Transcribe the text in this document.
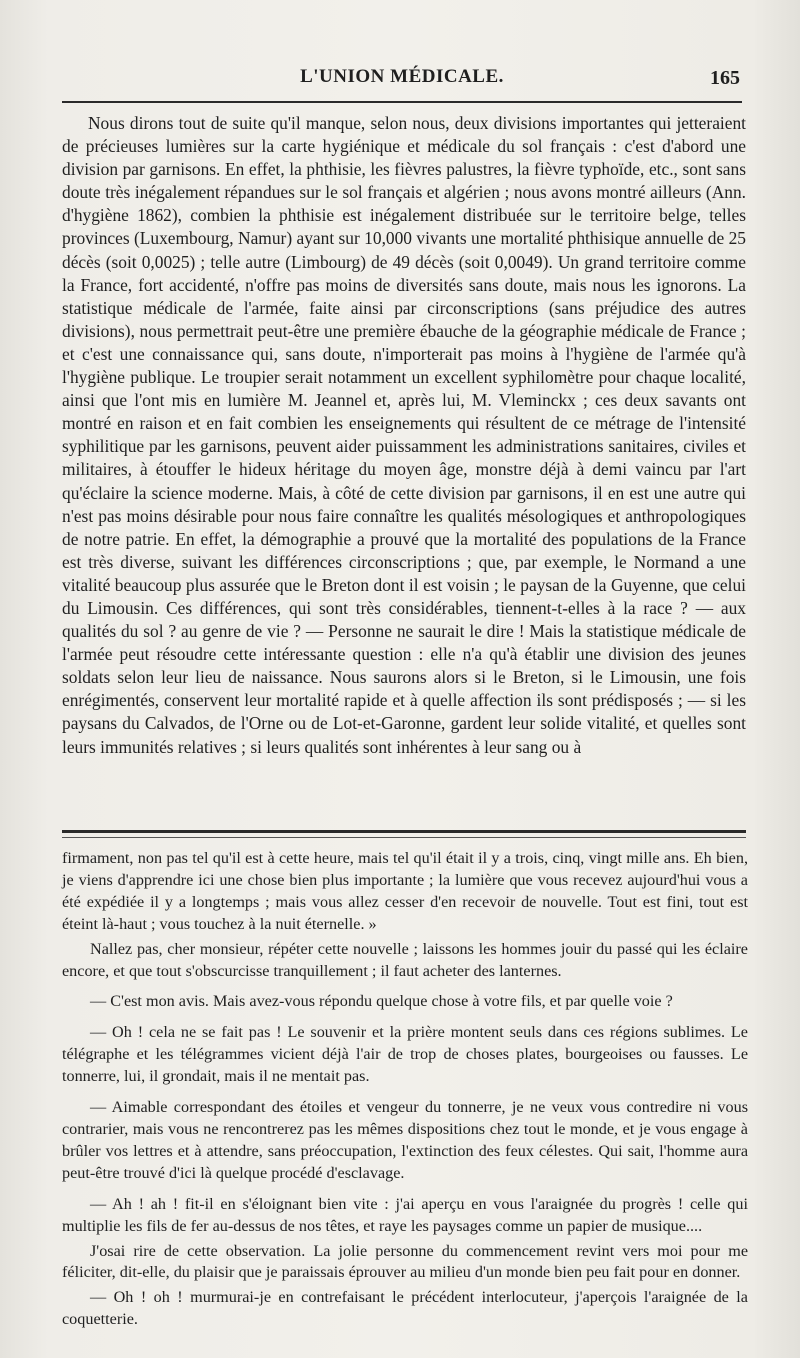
L'UNION MÉDICALE.	165

Nous dirons tout de suite qu'il manque, selon nous, deux divisions importantes qui jetteraient de précieuses lumières sur la carte hygiénique et médicale du sol français : c'est d'abord une division par garnisons. En effet, la phthisie, les fièvres palustres, la fièvre typhoïde, etc., sont sans doute très inégalement répandues sur le sol français et algérien ; nous avons montré ailleurs (Ann. d'hygiène 1862), combien la phthisie est inégalement distribuée sur le territoire belge, telles provinces (Luxembourg, Namur) ayant sur 10,000 vivants une mortalité phthisique annuelle de 25 décès (soit 0,0025) ; telle autre (Limbourg) de 49 décès (soit 0,0049). Un grand territoire comme la France, fort accidenté, n'offre pas moins de diversités sans doute, mais nous les ignorons. La statistique médicale de l'armée, faite ainsi par circonscriptions (sans préjudice des autres divisions), nous permettrait peut-être une première ébauche de la géographie médicale de France ; et c'est une connaissance qui, sans doute, n'importerait pas moins à l'hygiène de l'armée qu'à l'hygiène publique. Le troupier serait notamment un excellent syphilomètre pour chaque localité, ainsi que l'ont mis en lumière M. Jeannel et, après lui, M. Vleminckx ; ces deux savants ont montré en raison et en fait combien les enseignements qui résultent de ce métrage de l'intensité syphilitique par les garnisons, peuvent aider puissamment les administrations sanitaires, civiles et militaires, à étouffer le hideux héritage du moyen âge, monstre déjà à demi vaincu par l'art qu'éclaire la science moderne. Mais, à côté de cette division par garnisons, il en est une autre qui n'est pas moins désirable pour nous faire connaître les qualités mésologiques et anthropologiques de notre patrie. En effet, la démographie a prouvé que la mortalité des populations de la France est très diverse, suivant les différences circonscriptions ; que, par exemple, le Normand a une vitalité beaucoup plus assurée que le Breton dont il est voisin ; le paysan de la Guyenne, que celui du Limousin. Ces différences, qui sont très considérables, tiennent-t-elles à la race ? — aux qualités du sol ? au genre de vie ? — Personne ne saurait le dire ! Mais la statistique médicale de l'armée peut résoudre cette intéressante question : elle n'a qu'à établir une division des jeunes soldats selon leur lieu de naissance. Nous saurons alors si le Breton, si le Limousin, une fois enrégimentés, conservent leur mortalité rapide et à quelle affection ils sont prédisposés ; — si les paysans du Calvados, de l'Orne ou de Lot-et-Garonne, gardent leur solide vitalité, et quelles sont leurs immunités relatives ; si leurs qualités sont inhérentes à leur sang ou à

firmament, non pas tel qu'il est à cette heure, mais tel qu'il était il y a trois, cinq, vingt mille ans. Eh bien, je viens d'apprendre ici une chose bien plus importante ; la lumière que vous recevez aujourd'hui vous a été expédiée il y a longtemps ; mais vous allez cesser d'en recevoir de nouvelle. Tout est fini, tout est éteint là-haut ; vous touchez à la nuit éternelle. »

Nallez pas, cher monsieur, répéter cette nouvelle ; laissons les hommes jouir du passé qui les éclaire encore, et que tout s'obscurcisse tranquillement ; il faut acheter des lanternes.

— C'est mon avis. Mais avez-vous répondu quelque chose à votre fils, et par quelle voie ?

— Oh ! cela ne se fait pas ! Le souvenir et la prière montent seuls dans ces régions sublimes. Le télégraphe et les télégrammes vicient déjà l'air de trop de choses plates, bourgeoises ou fausses. Le tonnerre, lui, il grondait, mais il ne mentait pas.

— Aimable correspondant des étoiles et vengeur du tonnerre, je ne veux vous contredire ni vous contrarier, mais vous ne rencontrerez pas les mêmes dispositions chez tout le monde, et je vous engage à brûler vos lettres et à attendre, sans préoccupation, l'extinction des feux célestes. Qui sait, l'homme aura peut-être trouvé d'ici là quelque procédé d'esclavage.

— Ah ! ah ! fit-il en s'éloignant bien vite : j'ai aperçu en vous l'araignée du progrès ! celle qui multiplie les fils de fer au-dessus de nos têtes, et raye les paysages comme un papier de musique....

J'osai rire de cette observation. La jolie personne du commencement revint vers moi pour me féliciter, dit-elle, du plaisir que je paraissais éprouver au milieu d'un monde bien peu fait pour en donner.

— Oh ! oh ! murmurai-je en contrefaisant le précédent interlocuteur, j'aperçois l'araignée de la coquetterie.
